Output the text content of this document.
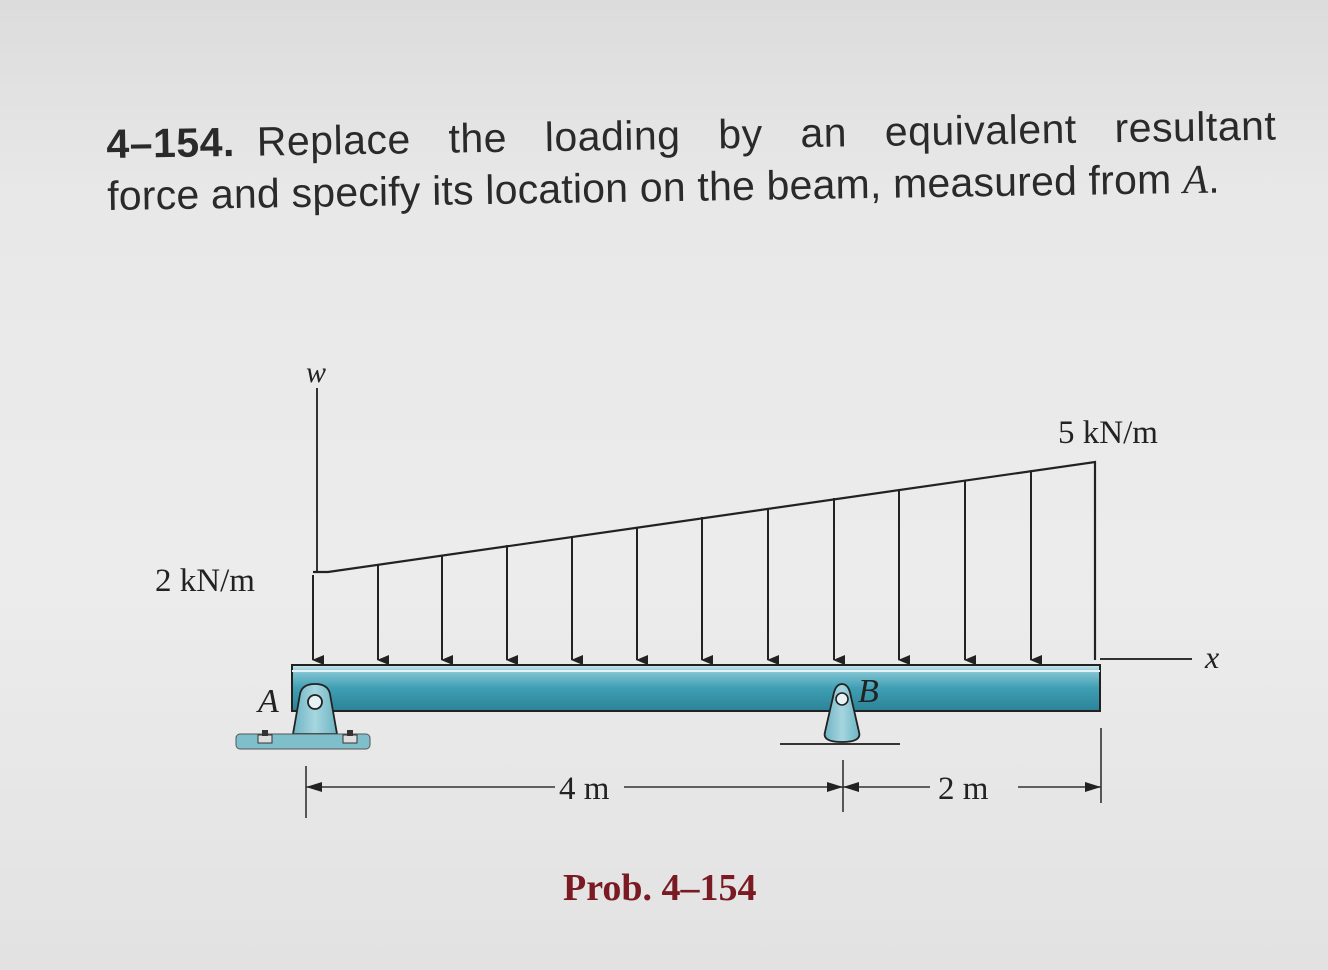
4–154. Replace the loading by an equivalent resultant
force and specify its location on the beam, measured from A.
w
2 kN/m
5 kN/m
x
A	B
4 m	2 m
Prob. 4–154
